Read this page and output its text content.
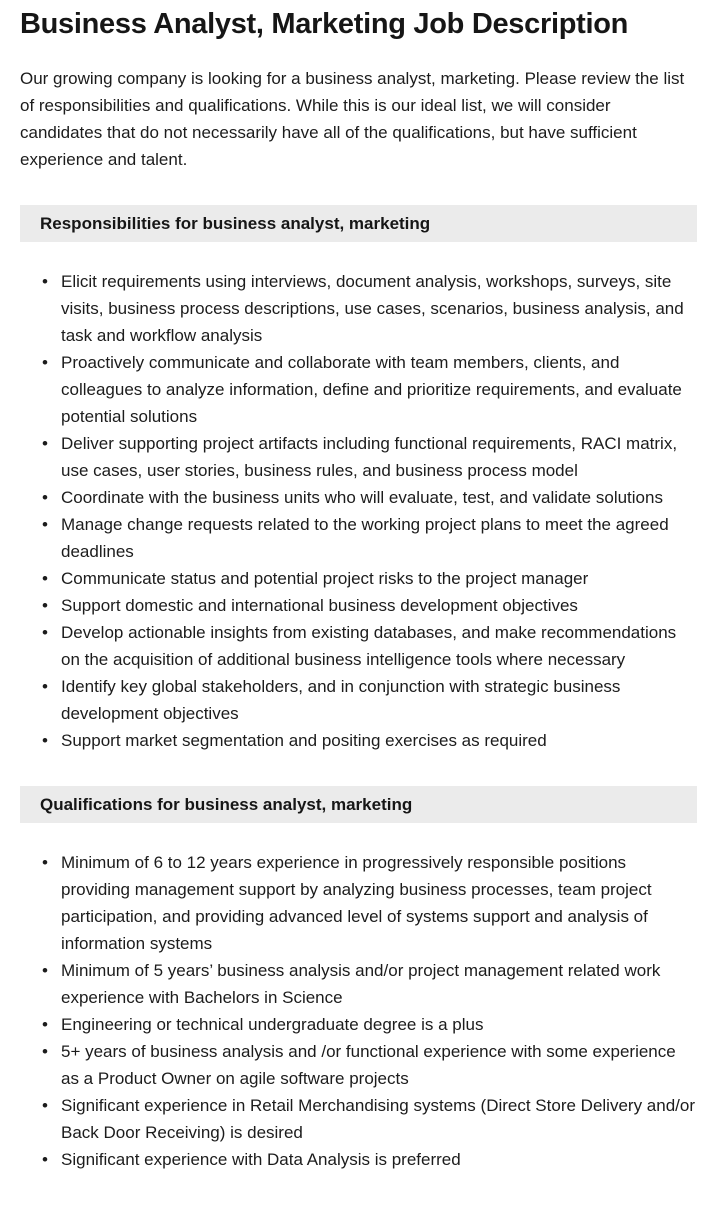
Business Analyst, Marketing Job Description

Our growing company is looking for a business analyst, marketing. Please review the list of responsibilities and qualifications. While this is our ideal list, we will consider candidates that do not necessarily have all of the qualifications, but have sufficient experience and talent.

Responsibilities for business analyst, marketing
• Elicit requirements using interviews, document analysis, workshops, surveys, site visits, business process descriptions, use cases, scenarios, business analysis, and task and workflow analysis
• Proactively communicate and collaborate with team members, clients, and colleagues to analyze information, define and prioritize requirements, and evaluate potential solutions
• Deliver supporting project artifacts including functional requirements, RACI matrix, use cases, user stories, business rules, and business process model
• Coordinate with the business units who will evaluate, test, and validate solutions
• Manage change requests related to the working project plans to meet the agreed deadlines
• Communicate status and potential project risks to the project manager
• Support domestic and international business development objectives
• Develop actionable insights from existing databases, and make recommendations on the acquisition of additional business intelligence tools where necessary
• Identify key global stakeholders, and in conjunction with strategic business development objectives
• Support market segmentation and positing exercises as required
Qualifications for business analyst, marketing
• Minimum of 6 to 12 years experience in progressively responsible positions providing management support by analyzing business processes, team project participation, and providing advanced level of systems support and analysis of information systems
• Minimum of 5 years’ business analysis and/or project management related work experience with Bachelors in Science
• Engineering or technical undergraduate degree is a plus
• 5+ years of business analysis and /or functional experience with some experience as a Product Owner on agile software projects
• Significant experience in Retail Merchandising systems (Direct Store Delivery and/or Back Door Receiving) is desired
• Significant experience with Data Analysis is preferred
